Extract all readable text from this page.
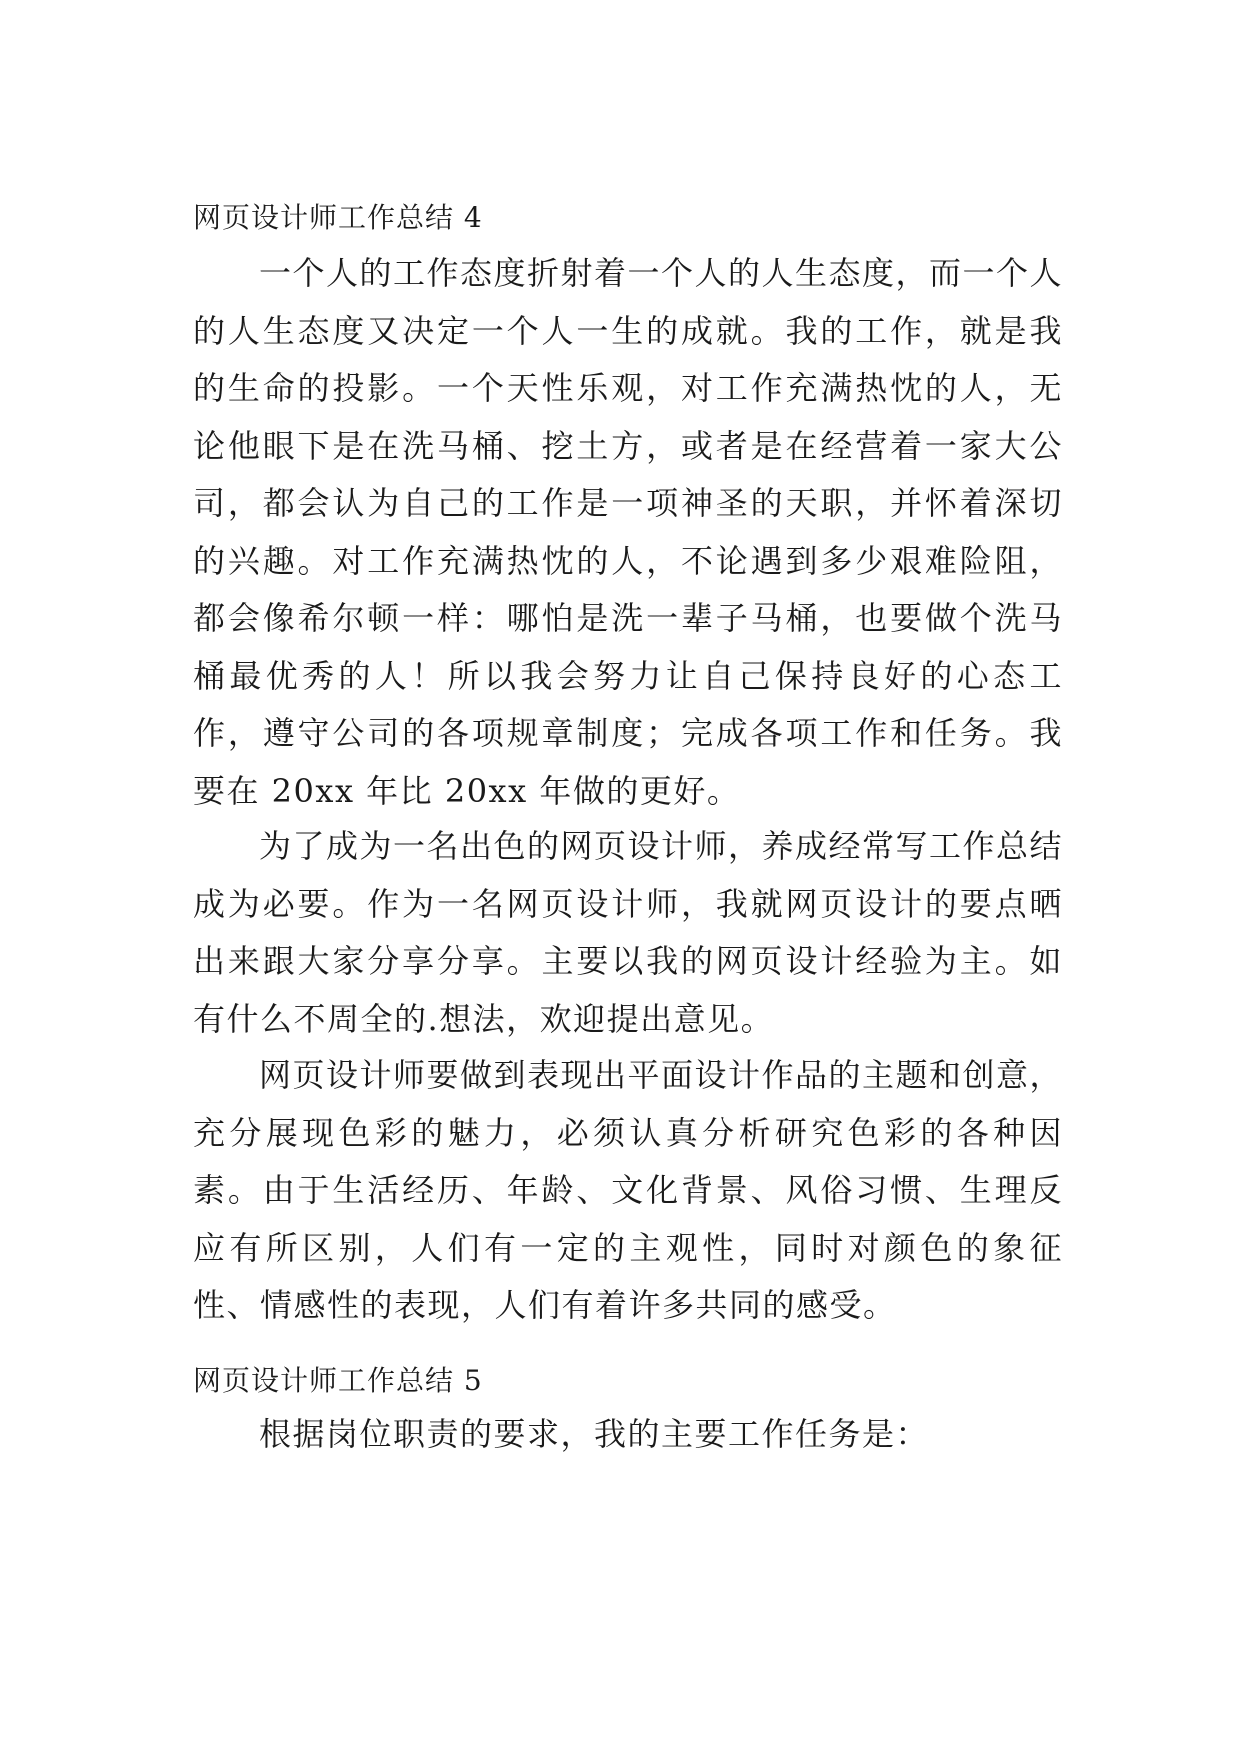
网页设计师工作总结 4

一个人的工作态度折射着一个人的人生态度，而一个人的人生态度又决定一个人一生的成就。我的工作，就是我的生命的投影。一个天性乐观，对工作充满热忱的人，无论他眼下是在洗马桶、挖土方，或者是在经营着一家大公司，都会认为自己的工作是一项神圣的天职，并怀着深切的兴趣。对工作充满热忱的人，不论遇到多少艰难险阻，都会像希尔顿一样：哪怕是洗一辈子马桶，也要做个洗马桶最优秀的人！所以我会努力让自己保持良好的心态工作，遵守公司的各项规章制度；完成各项工作和任务。我要在 20xx 年比 20xx 年做的更好。

为了成为一名出色的网页设计师，养成经常写工作总结成为必要。作为一名网页设计师，我就网页设计的要点晒出来跟大家分享分享。主要以我的网页设计经验为主。如有什么不周全的.想法，欢迎提出意见。

网页设计师要做到表现出平面设计作品的主题和创意，充分展现色彩的魅力，必须认真分析研究色彩的各种因素。由于生活经历、年龄、文化背景、风俗习惯、生理反应有所区别，人们有一定的主观性，同时对颜色的象征性、情感性的表现，人们有着许多共同的感受。

网页设计师工作总结 5

根据岗位职责的要求，我的主要工作任务是：
